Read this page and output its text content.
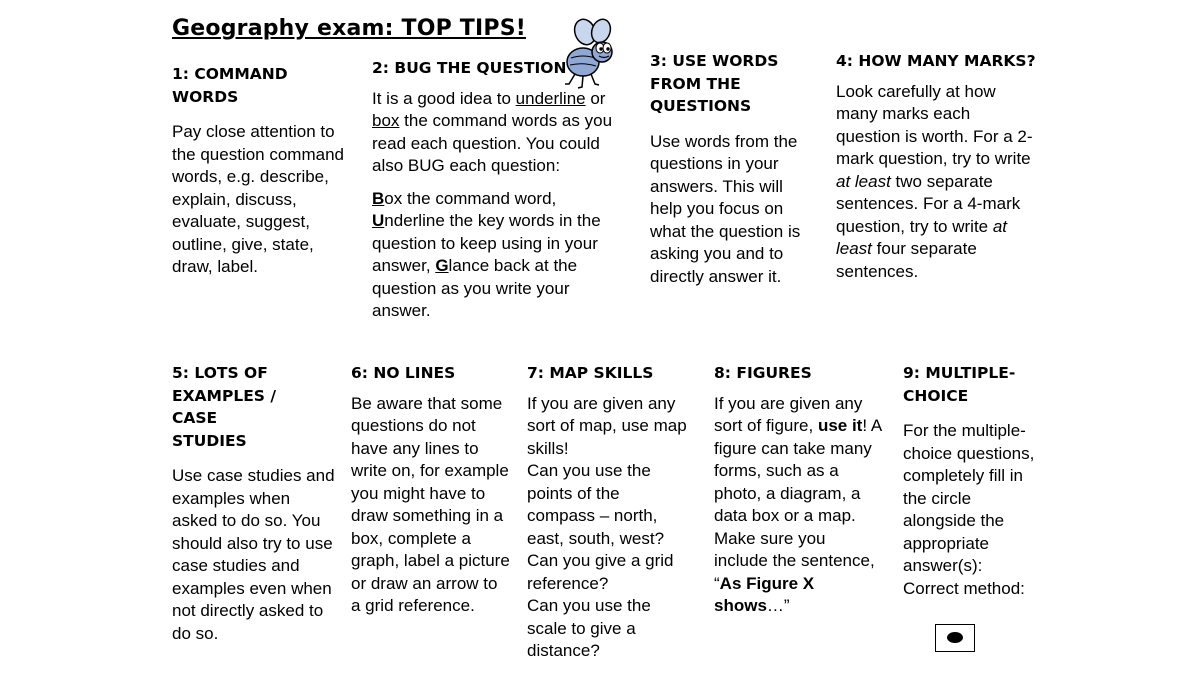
Geography exam: TOP TIPS!
1: COMMAND WORDS

Pay close attention to the question command words, e.g. describe, explain, discuss, evaluate, suggest, outline, give, state, draw, label.

2: BUG THE QUESTION

It is a good idea to underline or box the command words as you read each question. You could also BUG each question:

Box the command word, Underline the key words in the question to keep using in your answer, Glance back at the question as you write your answer.

3: USE WORDS FROM THE QUESTIONS

Use words from the questions in your answers. This will help you focus on what the question is asking you and to directly answer it.

4: HOW MANY MARKS?

Look carefully at how many marks each question is worth. For a 2-mark question, try to write at least two separate sentences. For a 4-mark question, try to write at least four separate sentences.

5: LOTS OF EXAMPLES / CASE STUDIES

Use case studies and examples when asked to do so. You should also try to use case studies and examples even when not directly asked to do so.

6: NO LINES

Be aware that some questions do not have any lines to write on, for example you might have to draw something in a box, complete a graph, label a picture or draw an arrow to a grid reference.

7: MAP SKILLS
If you are given any sort of map, use map skills!
Can you use the points of the compass – north, east, south, west?
Can you give a grid reference?
Can you use the scale to give a distance?
8: FIGURES

If you are given any sort of figure, use it! A figure can take many forms, such as a photo, a diagram, a data box or a map. Make sure you include the sentence, “As Figure X shows…”

9: MULTIPLE-CHOICE
For the multiple-choice questions, completely fill in the circle alongside the appropriate answer(s):
Correct method:
